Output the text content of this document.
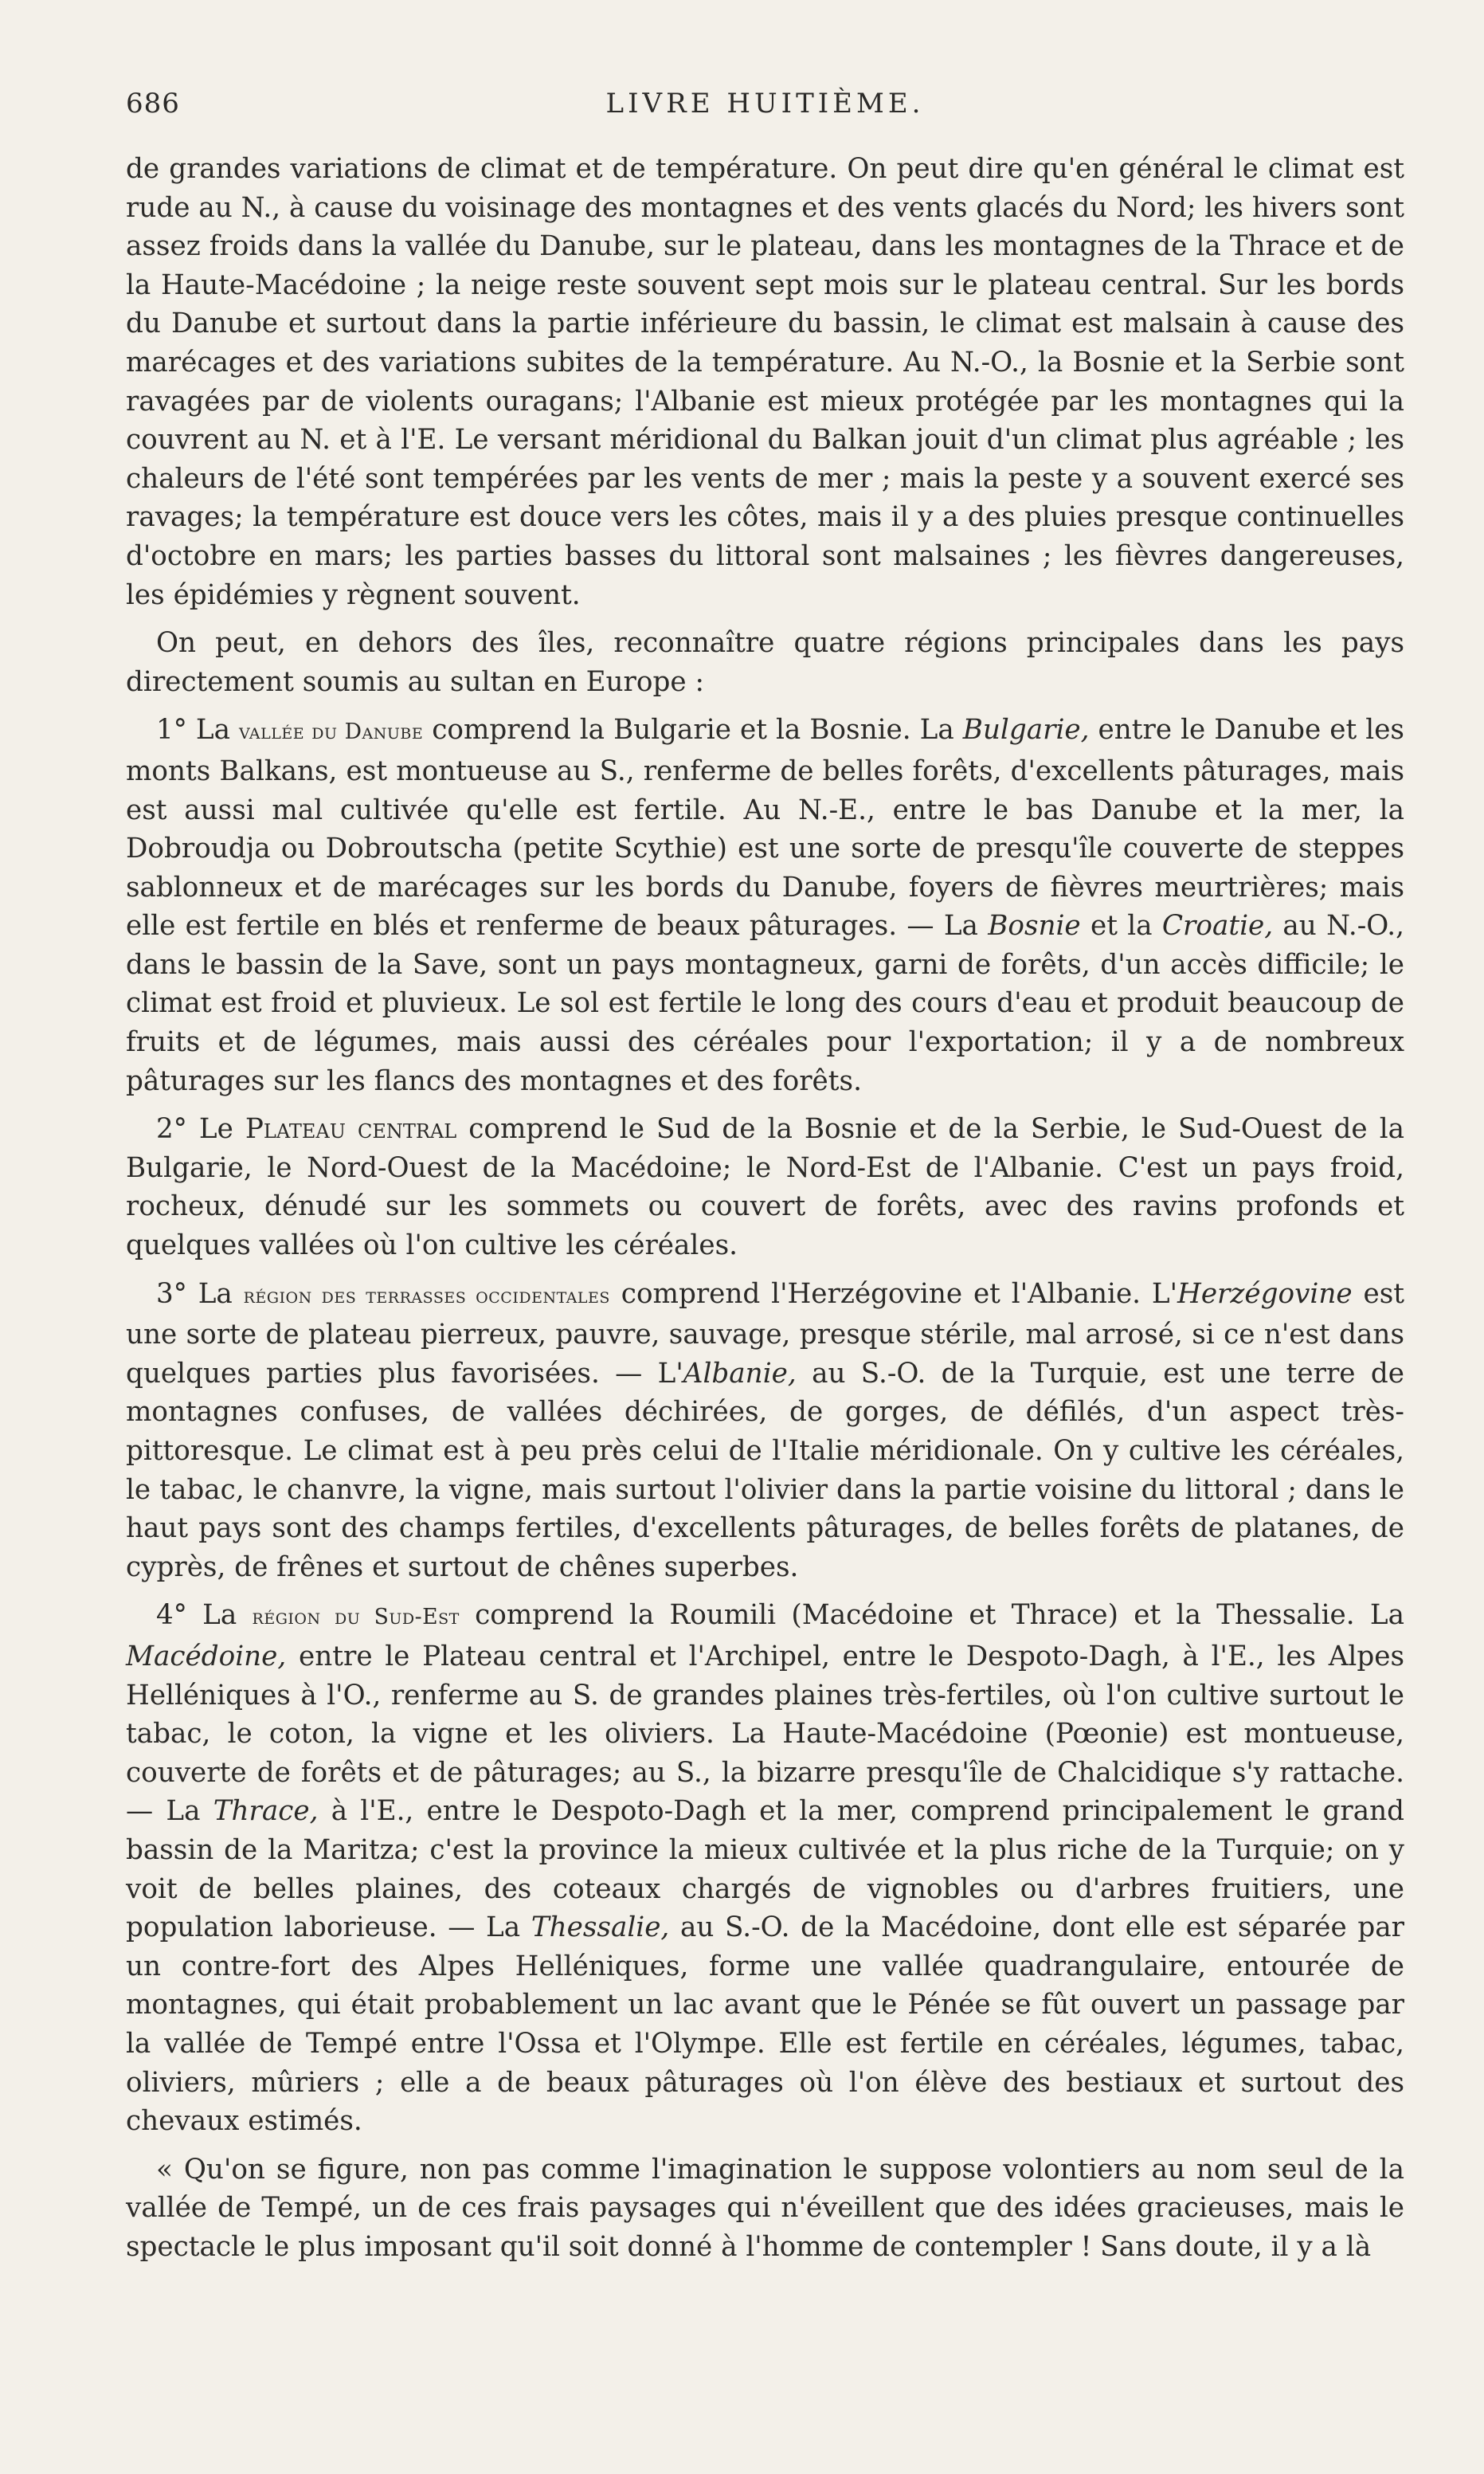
686	LIVRE HUITIÈME.

de grandes variations de climat et de température. On peut dire qu'en général le climat est rude au N., à cause du voisinage des montagnes et des vents glacés du Nord; les hivers sont assez froids dans la vallée du Danube, sur le plateau, dans les montagnes de la Thrace et de la Haute-Macédoine ; la neige reste souvent sept mois sur le plateau central. Sur les bords du Danube et surtout dans la partie inférieure du bassin, le climat est malsain à cause des marécages et des variations subites de la température. Au N.-O., la Bosnie et la Serbie sont ravagées par de violents ouragans; l'Albanie est mieux protégée par les montagnes qui la couvrent au N. et à l'E. Le versant méridional du Balkan jouit d'un climat plus agréable ; les chaleurs de l'été sont tempérées par les vents de mer ; mais la peste y a souvent exercé ses ravages; la température est douce vers les côtes, mais il y a des pluies presque continuelles d'octobre en mars; les parties basses du littoral sont malsaines ; les fièvres dangereuses, les épidémies y règnent souvent.

On peut, en dehors des îles, reconnaître quatre régions principales dans les pays directement soumis au sultan en Europe :

1° La vallée du Danube comprend la Bulgarie et la Bosnie. La Bulgarie, entre le Danube et les monts Balkans, est montueuse au S., renferme de belles forêts, d'excellents pâturages, mais est aussi mal cultivée qu'elle est fertile. Au N.-E., entre le bas Danube et la mer, la Dobroudja ou Dobroutscha (petite Scythie) est une sorte de presqu'île couverte de steppes sablonneux et de marécages sur les bords du Danube, foyers de fièvres meurtrières; mais elle est fertile en blés et renferme de beaux pâturages. — La Bosnie et la Croatie, au N.-O., dans le bassin de la Save, sont un pays montagneux, garni de forêts, d'un accès difficile; le climat est froid et pluvieux. Le sol est fertile le long des cours d'eau et produit beaucoup de fruits et de légumes, mais aussi des céréales pour l'exportation; il y a de nombreux pâturages sur les flancs des montagnes et des forêts.

2° Le Plateau central comprend le Sud de la Bosnie et de la Serbie, le Sud-Ouest de la Bulgarie, le Nord-Ouest de la Macédoine; le Nord-Est de l'Albanie. C'est un pays froid, rocheux, dénudé sur les sommets ou couvert de forêts, avec des ravins profonds et quelques vallées où l'on cultive les céréales.

3° La région des terrasses occidentales comprend l'Herzégovine et l'Albanie. L'Herzégovine est une sorte de plateau pierreux, pauvre, sauvage, presque stérile, mal arrosé, si ce n'est dans quelques parties plus favorisées. — L'Albanie, au S.-O. de la Turquie, est une terre de montagnes confuses, de vallées déchirées, de gorges, de défilés, d'un aspect très-pittoresque. Le climat est à peu près celui de l'Italie méridionale. On y cultive les céréales, le tabac, le chanvre, la vigne, mais surtout l'olivier dans la partie voisine du littoral ; dans le haut pays sont des champs fertiles, d'excellents pâturages, de belles forêts de platanes, de cyprès, de frênes et surtout de chênes superbes.

4° La région du Sud-Est comprend la Roumili (Macédoine et Thrace) et la Thessalie. La Macédoine, entre le Plateau central et l'Archipel, entre le Despoto-Dagh, à l'E., les Alpes Helléniques à l'O., renferme au S. de grandes plaines très-fertiles, où l'on cultive surtout le tabac, le coton, la vigne et les oliviers. La Haute-Macédoine (Pœonie) est montueuse, couverte de forêts et de pâturages; au S., la bizarre presqu'île de Chalcidique s'y rattache. — La Thrace, à l'E., entre le Despoto-Dagh et la mer, comprend principalement le grand bassin de la Maritza; c'est la province la mieux cultivée et la plus riche de la Turquie; on y voit de belles plaines, des coteaux chargés de vignobles ou d'arbres fruitiers, une population laborieuse. — La Thessalie, au S.-O. de la Macédoine, dont elle est séparée par un contre-fort des Alpes Helléniques, forme une vallée quadrangulaire, entourée de montagnes, qui était probablement un lac avant que le Pénée se fût ouvert un passage par la vallée de Tempé entre l'Ossa et l'Olympe. Elle est fertile en céréales, légumes, tabac, oliviers, mûriers ; elle a de beaux pâturages où l'on élève des bestiaux et surtout des chevaux estimés.

« Qu'on se figure, non pas comme l'imagination le suppose volontiers au nom seul de la vallée de Tempé, un de ces frais paysages qui n'éveillent que des idées gracieuses, mais le spectacle le plus imposant qu'il soit donné à l'homme de contempler ! Sans doute, il y a là
